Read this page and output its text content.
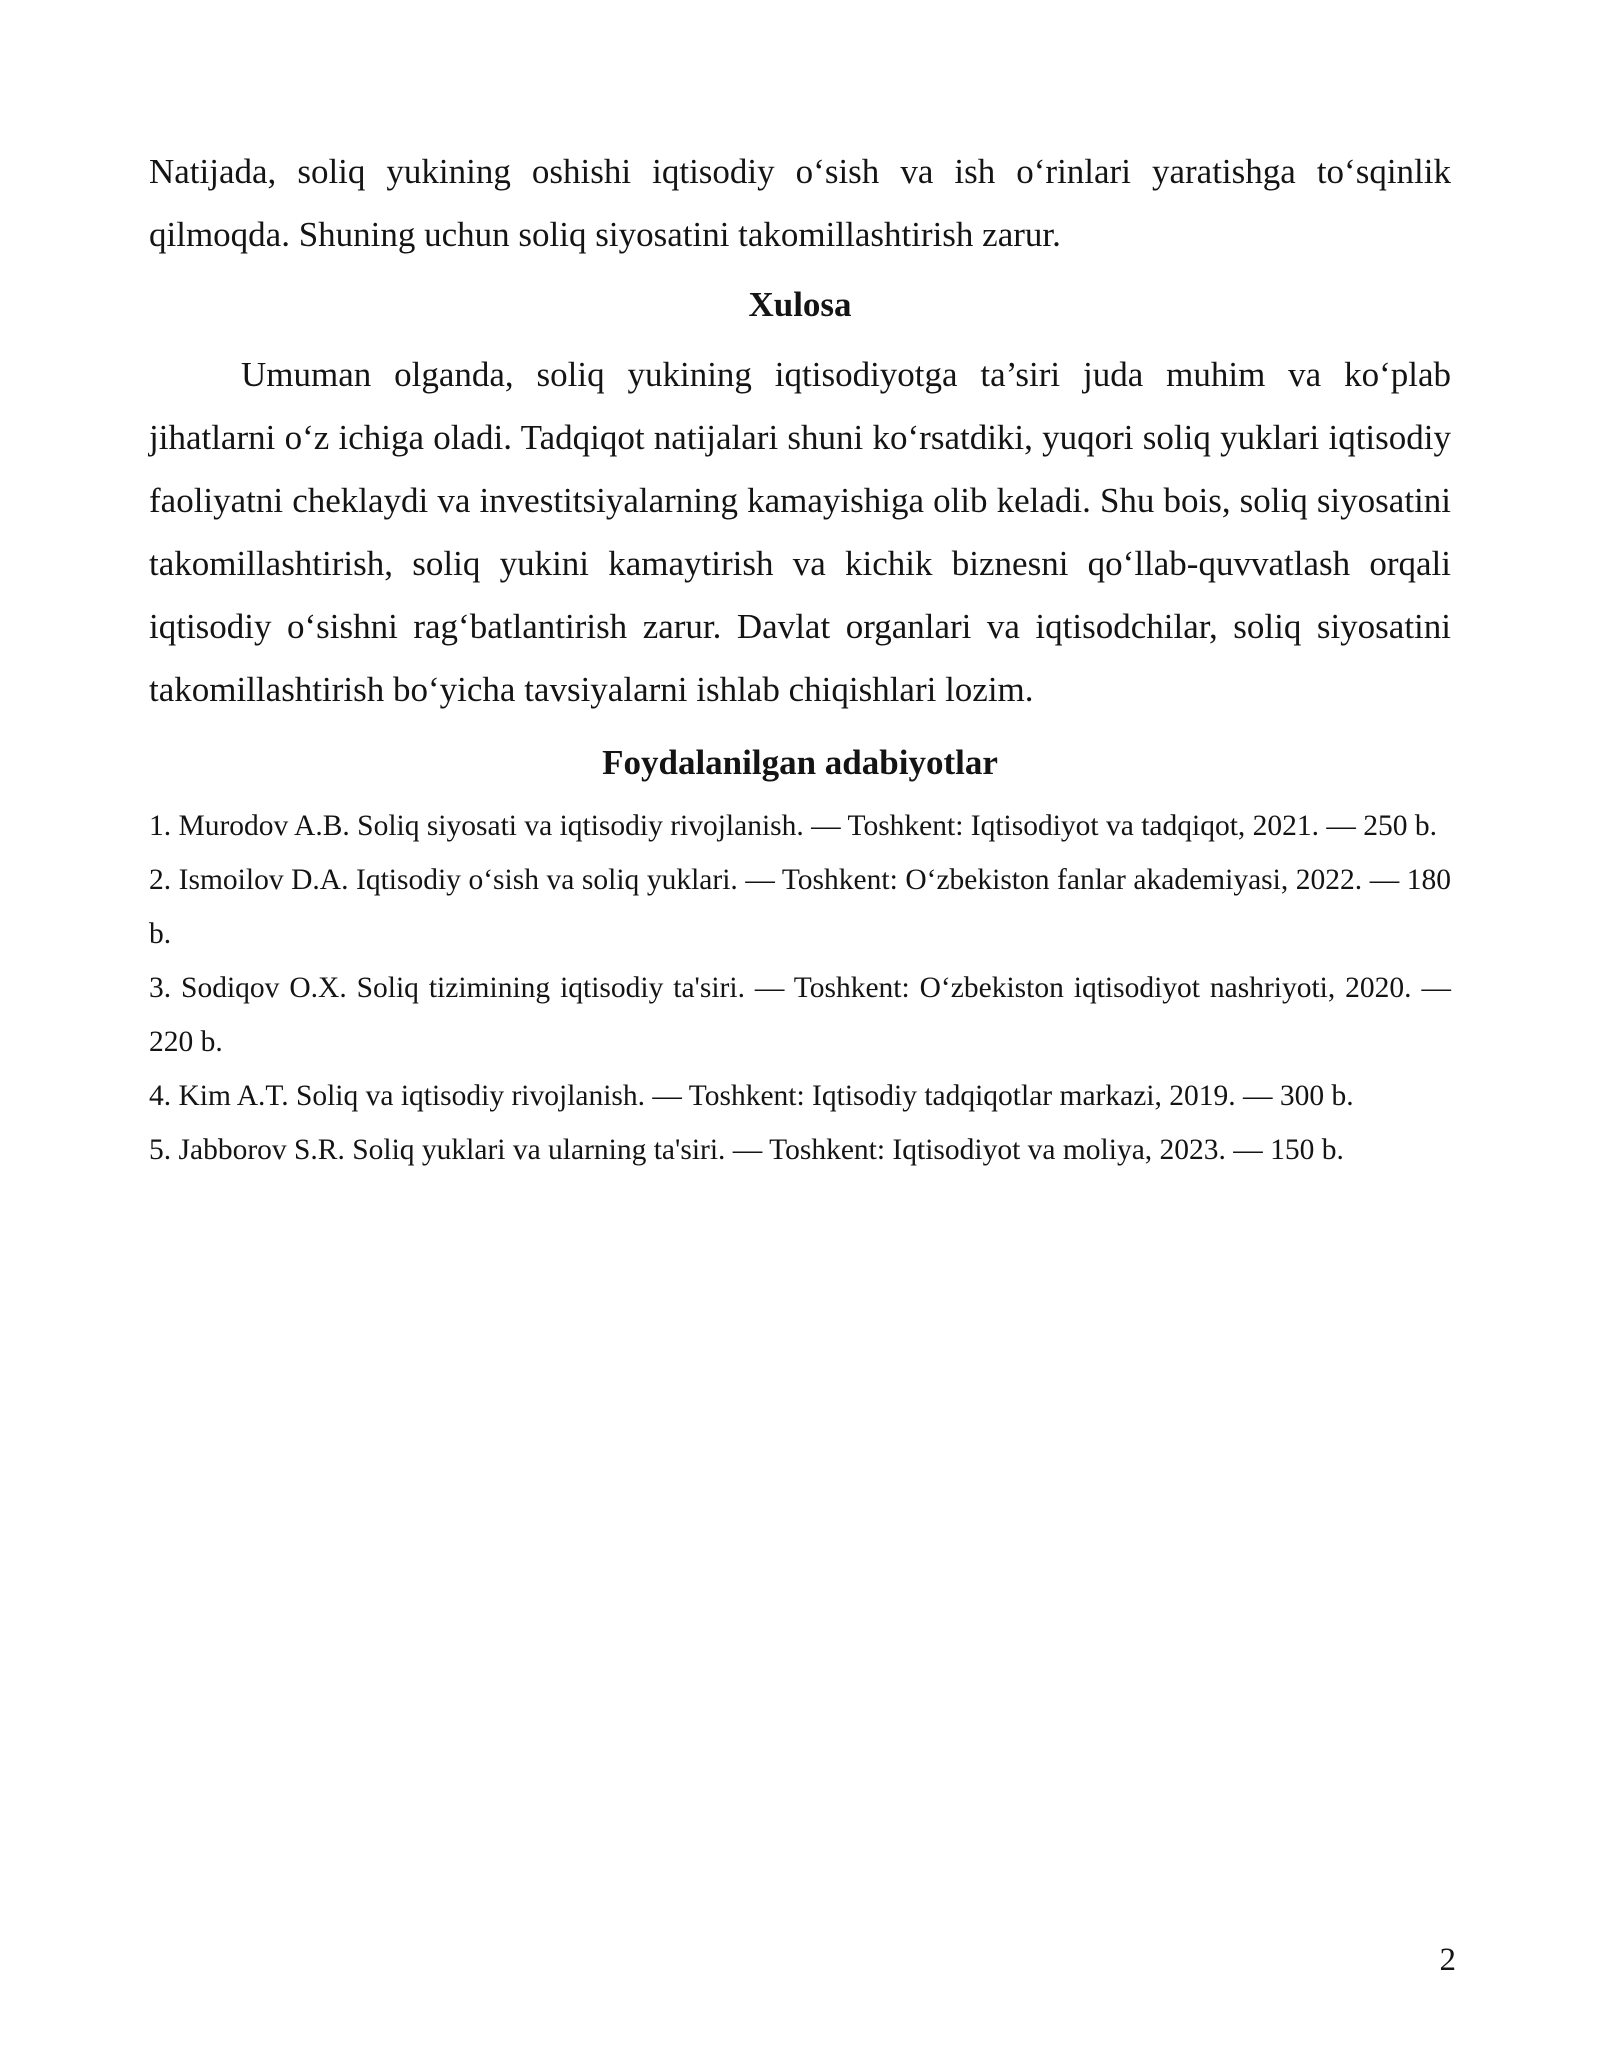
Natijada, soliq yukining oshishi iqtisodiy o‘sish va ish o‘rinlari yaratishga to‘sqinlik qilmoqda. Shuning uchun soliq siyosatini takomillashtirish zarur.

Xulosa

Umuman olganda, soliq yukining iqtisodiyotga ta’siri juda muhim va ko‘plab jihatlarni o‘z ichiga oladi. Tadqiqot natijalari shuni ko‘rsatdiki, yuqori soliq yuklari iqtisodiy faoliyatni cheklaydi va investitsiyalarning kamayishiga olib keladi. Shu bois, soliq siyosatini takomillashtirish, soliq yukini kamaytirish va kichik biznesni qo‘llab-quvvatlash orqali iqtisodiy o‘sishni rag‘batlantirish zarur. Davlat organlari va iqtisodchilar, soliq siyosatini takomillashtirish bo‘yicha tavsiyalarni ishlab chiqishlari lozim.

Foydalanilgan adabiyotlar
1. Murodov A.B. Soliq siyosati va iqtisodiy rivojlanish. — Toshkent: Iqtisodiyot va tadqiqot, 2021. — 250 b.
2. Ismoilov D.A. Iqtisodiy o‘sish va soliq yuklari. — Toshkent: O‘zbekiston fanlar akademiyasi, 2022. — 180 b.
3. Sodiqov O.X. Soliq tizimining iqtisodiy ta'siri. — Toshkent: O‘zbekiston iqtisodiyot nashriyoti, 2020. — 220 b.
4. Kim A.T. Soliq va iqtisodiy rivojlanish. — Toshkent: Iqtisodiy tadqiqotlar markazi, 2019. — 300 b.
5. Jabborov S.R. Soliq yuklari va ularning ta'siri. — Toshkent: Iqtisodiyot va moliya, 2023. — 150 b.
2
